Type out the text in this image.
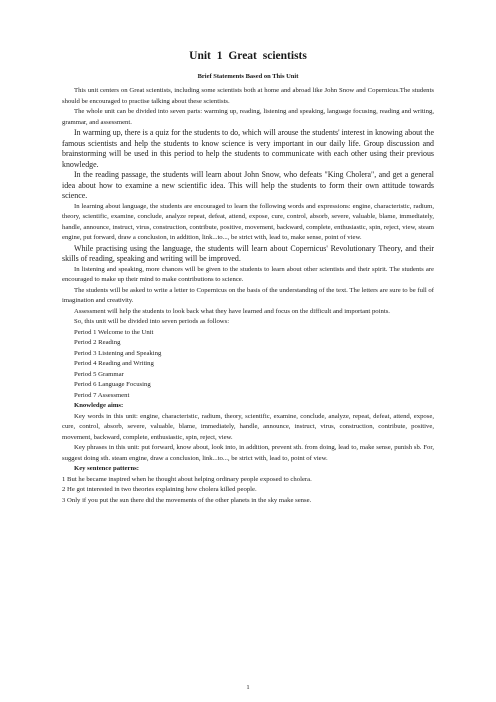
Unit 1 Great scientists
Brief Statements Based on This Unit

This unit centers on Great scientists, including some scientists both at home and abroad like John Snow and Copernicus.The students should be encouraged to practise talking about these scientists.

The whole unit can be divided into seven parts: warming up, reading, listening and speaking, language focusing, reading and writing, grammar, and assessment.

In warming up, there is a quiz for the students to do, which will arouse the students' interest in knowing about the famous scientists and help the students to know science is very important in our daily life. Group discussion and brainstorming will be used in this period to help the students to communicate with each other using their previous knowledge.

In the reading passage, the students will learn about John Snow, who defeats "King Cholera", and get a general idea about how to examine a new scientific idea. This will help the students to form their own attitude towards science.

In learning about language, the students are encouraged to learn the following words and expressions: engine, characteristic, radium, theory, scientific, examine, conclude, analyze repeat, defeat, attend, expose, cure, control, absorb, severe, valuable, blame, immediately, handle, announce, instruct, virus, construction, contribute, positive, movement, backward, complete, enthusiastic, spin, reject, view, steam engine, put forward, draw a conclusion, in addition, link...to..., be strict with, lead to, make sense, point of view.

While practising using the language, the students will learn about Copernicus' Revolutionary Theory, and their skills of reading, speaking and writing will be improved.

In listening and speaking, more chances will be given to the students to learn about other scientists and their spirit. The students are encouraged to make up their mind to make contributions to science.

The students will be asked to write a letter to Copernicus on the basis of the understanding of the text. The letters are sure to be full of imagination and creativity.

Assessment will help the students to look back what they have learned and focus on the difficult and important points.

So, this unit will be divided into seven periods as follows:

Period 1 Welcome to the Unit

Period 2 Reading

Period 3 Listening and Speaking

Period 4 Reading and Writing

Period 5 Grammar

Period 6 Language Focusing

Period 7 Assessment

Knowledge aims:

Key words in this unit: engine, characteristic, radium, theory, scientific, examine, conclude, analyze, repeat, defeat, attend, expose, cure, control, absorb, severe, valuable, blame, immediately, handle, announce, instruct, virus, construction, contribute, positive, movement, backward, complete, enthusiastic, spin, reject, view.

Key phrases in this unit: put forward, know about, look into, in addition, prevent sth. from doing, lead to, make sense, punish sb. For, suggest doing sth. steam engine, draw a conclusion, link...to..., be strict with, lead to, point of view.

Key sentence patterns:

1 But he became inspired when he thought about helping ordinary people exposed to cholera.

2 He got interested in two theories explaining how cholera killed people.

3 Only if you put the sun there did the movements of the other planets in the sky make sense.

1
